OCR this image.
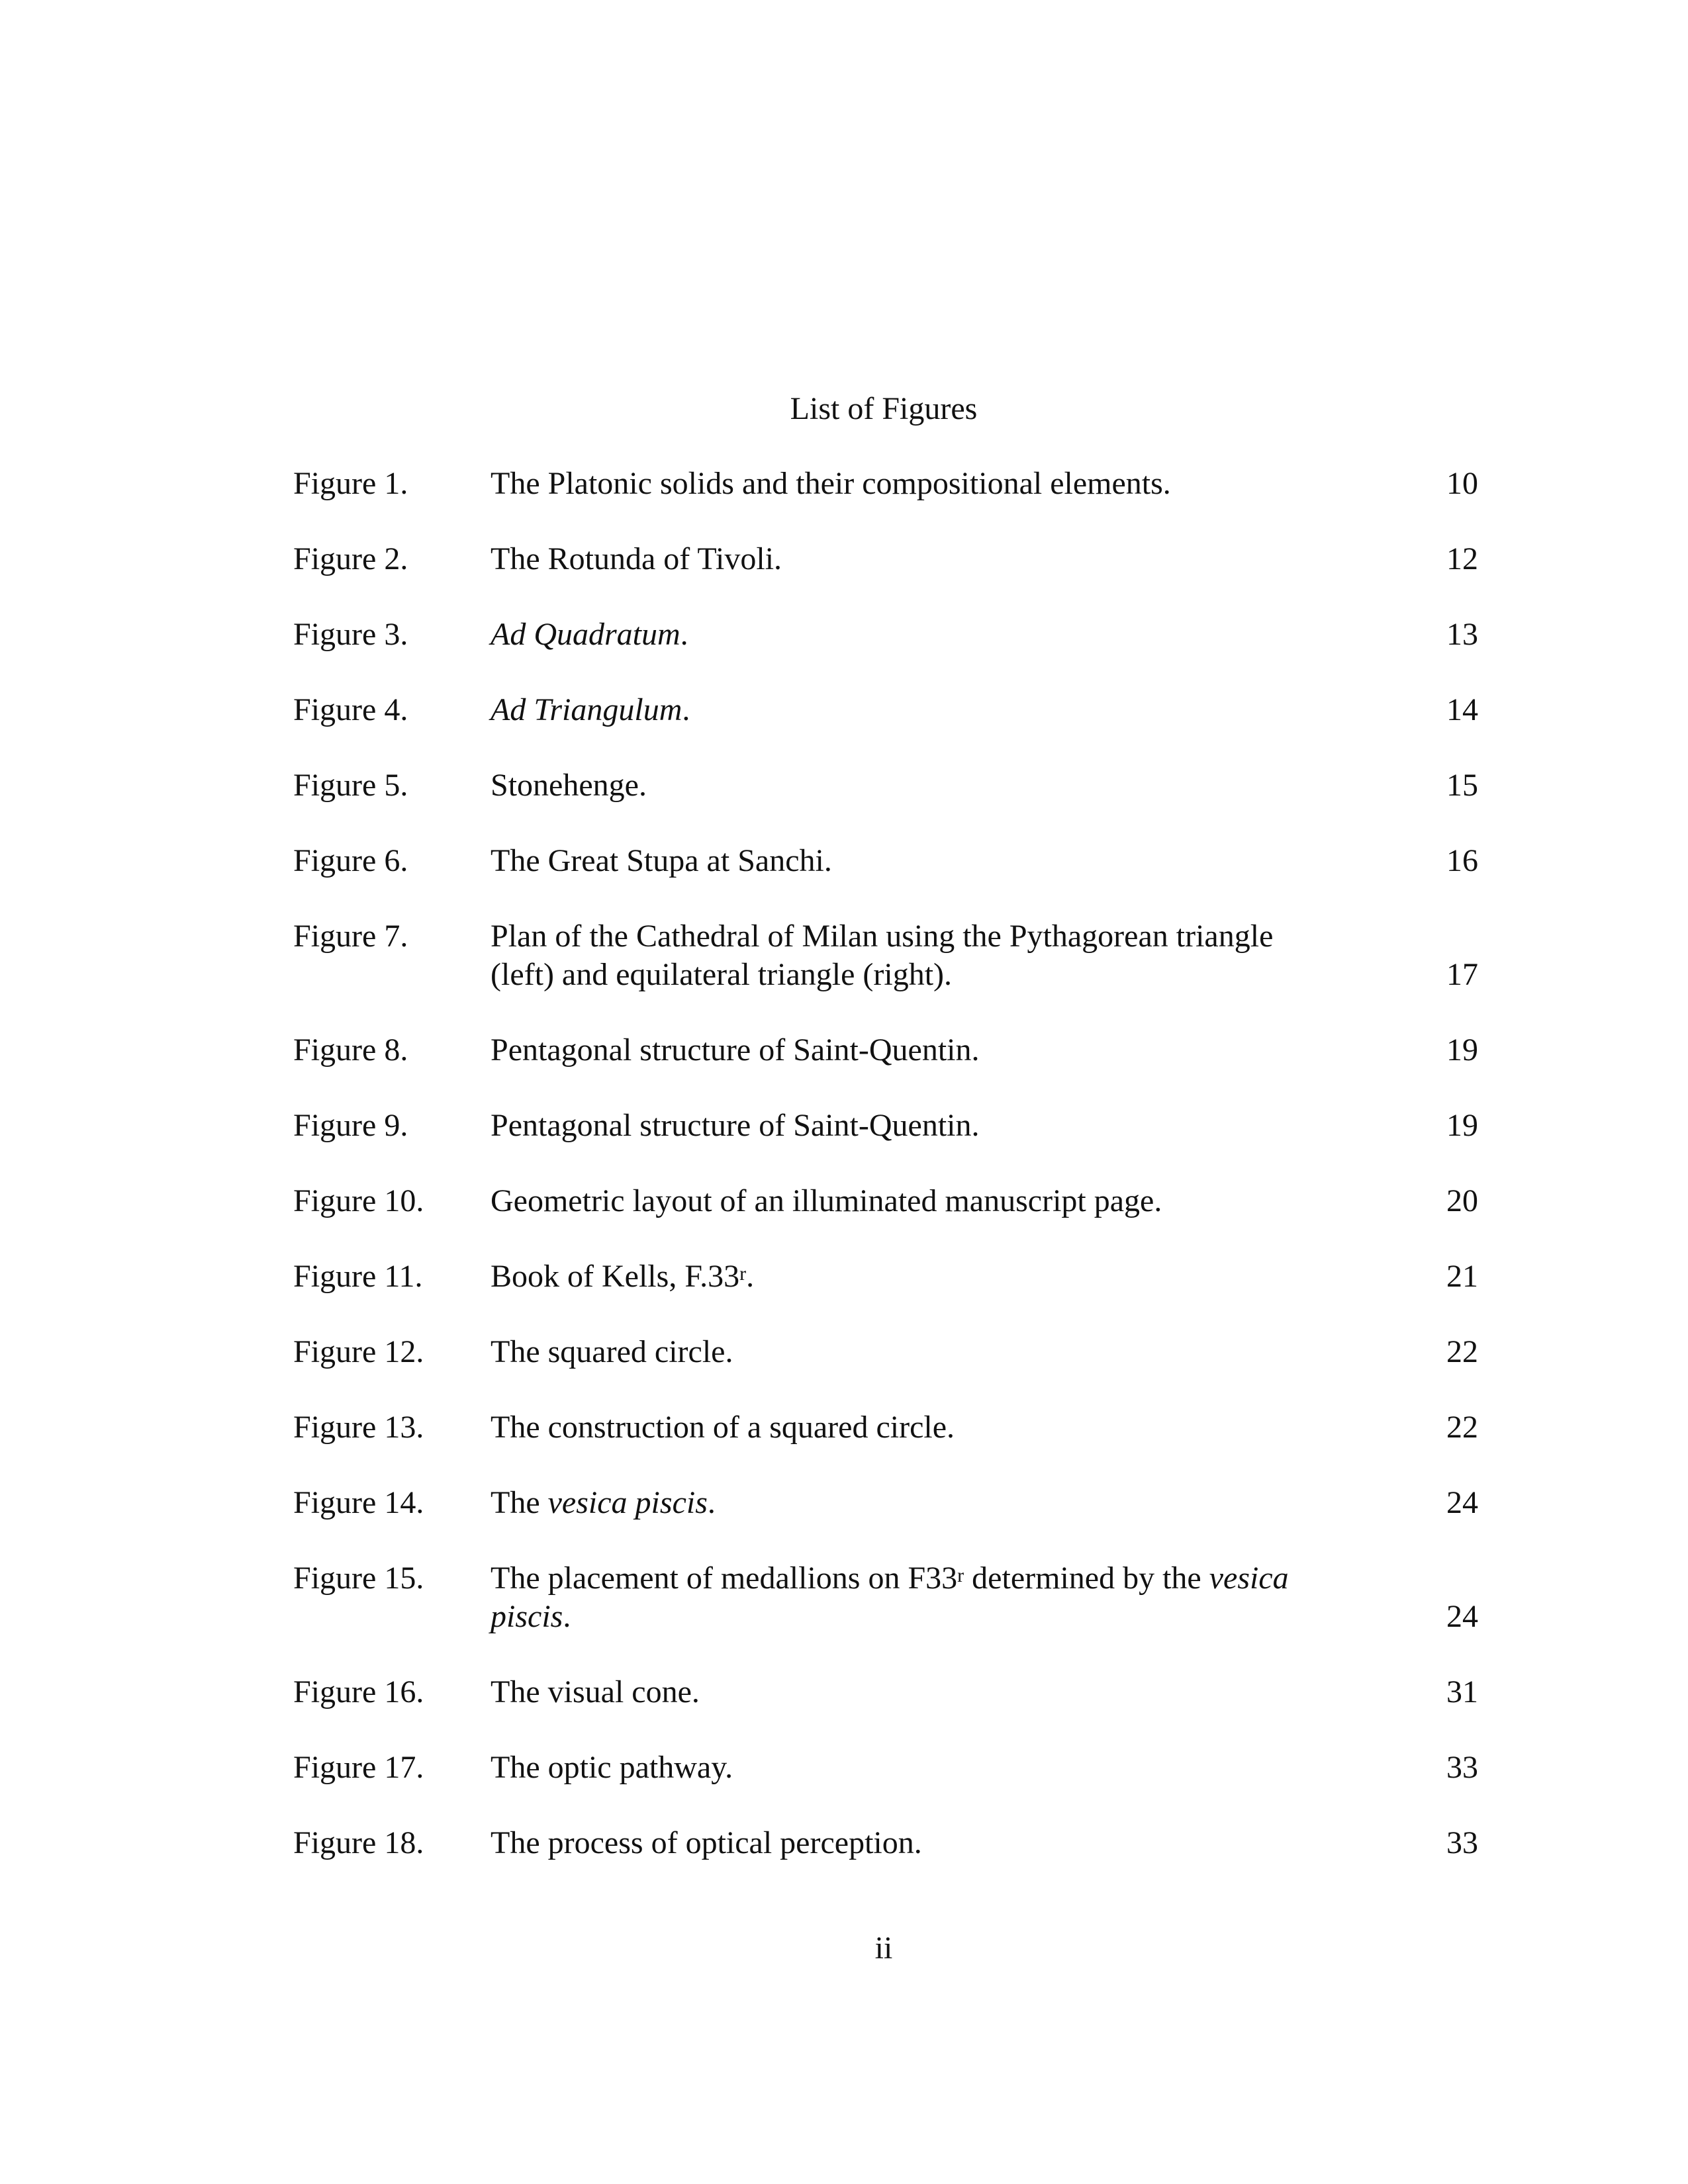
List of Figures
Figure 1.	The Platonic solids and their compositional elements.	10
Figure 2.	The Rotunda of Tivoli.	12
Figure 3.	Ad Quadratum.	13
Figure 4.	Ad Triangulum.	14
Figure 5.	Stonehenge.	15
Figure 6.	The Great Stupa at Sanchi.	16
Figure 7.	Plan of the Cathedral of Milan using the Pythagorean triangle (left) and equilateral triangle (right).	17
Figure 8.	Pentagonal structure of Saint-Quentin.	19
Figure 9.	Pentagonal structure of Saint-Quentin.	19
Figure 10.	Geometric layout of an illuminated manuscript page.	20
Figure 11.	Book of Kells, F.33$^r$.	21
Figure 12.	The squared circle.	22
Figure 13.	The construction of a squared circle.	22
Figure 14.	The vesica piscis.	24
Figure 15.	The placement of medallions on F33$^r$ determined by the vesica piscis.	24
Figure 16.	The visual cone.	31
Figure 17.	The optic pathway.	33
Figure 18.	The process of optical perception.	33
ii
